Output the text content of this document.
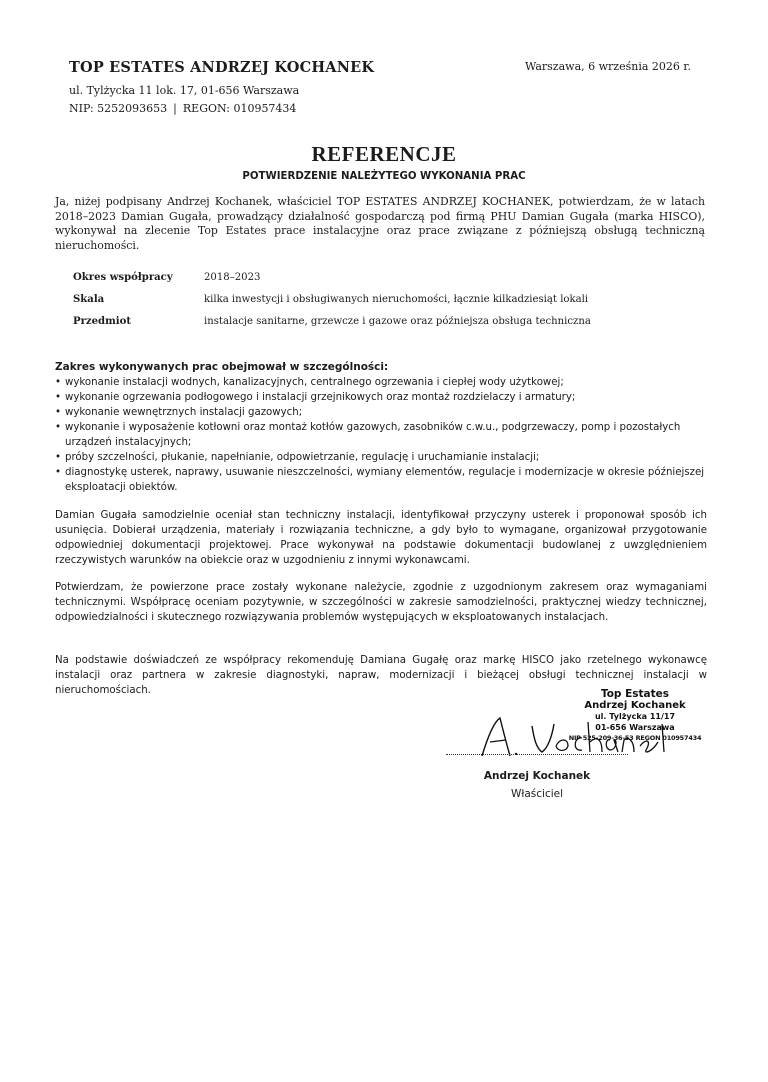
TOP ESTATES ANDRZEJ KOCHANEK
ul. Tylżycka 11 lok. 17, 01-656 Warszawa
NIP: 5252093653 | REGON: 010957434
Warszawa, 6 września 2026 r.
REFERENCJE
POTWIERDZENIE NALEŻYTEGO WYKONANIA PRAC

Ja, niżej podpisany Andrzej Kochanek, właściciel TOP ESTATES ANDRZEJ KOCHANEK, potwierdzam, że w latach 2018–2023 Damian Gugała, prowadzący działalność gospodarczą pod firmą PHU Damian Gugała (marka HISCO), wykonywał na zlecenie Top Estates prace instalacyjne oraz prace związane z późniejszą obsługą techniczną nieruchomości.

Okres współpracy	2018–2023
Skala	kilka inwestycji i obsługiwanych nieruchomości, łącznie kilkadziesiąt lokali
Przedmiot	instalacje sanitarne, grzewcze i gazowe oraz późniejsza obsługa techniczna
Zakres wykonywanych prac obejmował w szczególności:
• wykonanie instalacji wodnych, kanalizacyjnych, centralnego ogrzewania i ciepłej wody użytkowej;
• wykonanie ogrzewania podłogowego i instalacji grzejnikowych oraz montaż rozdzielaczy i armatury;
• wykonanie wewnętrznych instalacji gazowych;
• wykonanie i wyposażenie kotłowni oraz montaż kotłów gazowych, zasobników c.w.u., podgrzewaczy, pomp i pozostałych urządzeń instalacyjnych;
• próby szczelności, płukanie, napełnianie, odpowietrzanie, regulację i uruchamianie instalacji;
• diagnostykę usterek, naprawy, usuwanie nieszczelności, wymiany elementów, regulacje i modernizacje w okresie późniejszej eksploatacji obiektów.

Damian Gugała samodzielnie oceniał stan techniczny instalacji, identyfikował przyczyny usterek i proponował sposób ich usunięcia. Dobierał urządzenia, materiały i rozwiązania techniczne, a gdy było to wymagane, organizował przygotowanie odpowiedniej dokumentacji projektowej. Prace wykonywał na podstawie dokumentacji budowlanej z uwzględnieniem rzeczywistych warunków na obiekcie oraz w uzgodnieniu z innymi wykonawcami.

Potwierdzam, że powierzone prace zostały wykonane należycie, zgodnie z uzgodnionym zakresem oraz wymaganiami technicznymi. Współpracę oceniam pozytywnie, w szczególności w zakresie samodzielności, praktycznej wiedzy technicznej, odpowiedzialności i skutecznego rozwiązywania problemów występujących w eksploatowanych instalacjach.

Na podstawie doświadczeń ze współpracy rekomenduję Damiana Gugałę oraz markę HISCO jako rzetelnego wykonawcę instalacji oraz partnera w zakresie diagnostyki, napraw, modernizacji i bieżącej obsługi technicznej instalacji w nieruchomościach.	Top Estates
Andrzej Kochanek
ul. Tylżycka 11/17
01-656 Warszawa
NIP 525-209-36-53 REGON 010957434
Andrzej Kochanek
Właściciel
